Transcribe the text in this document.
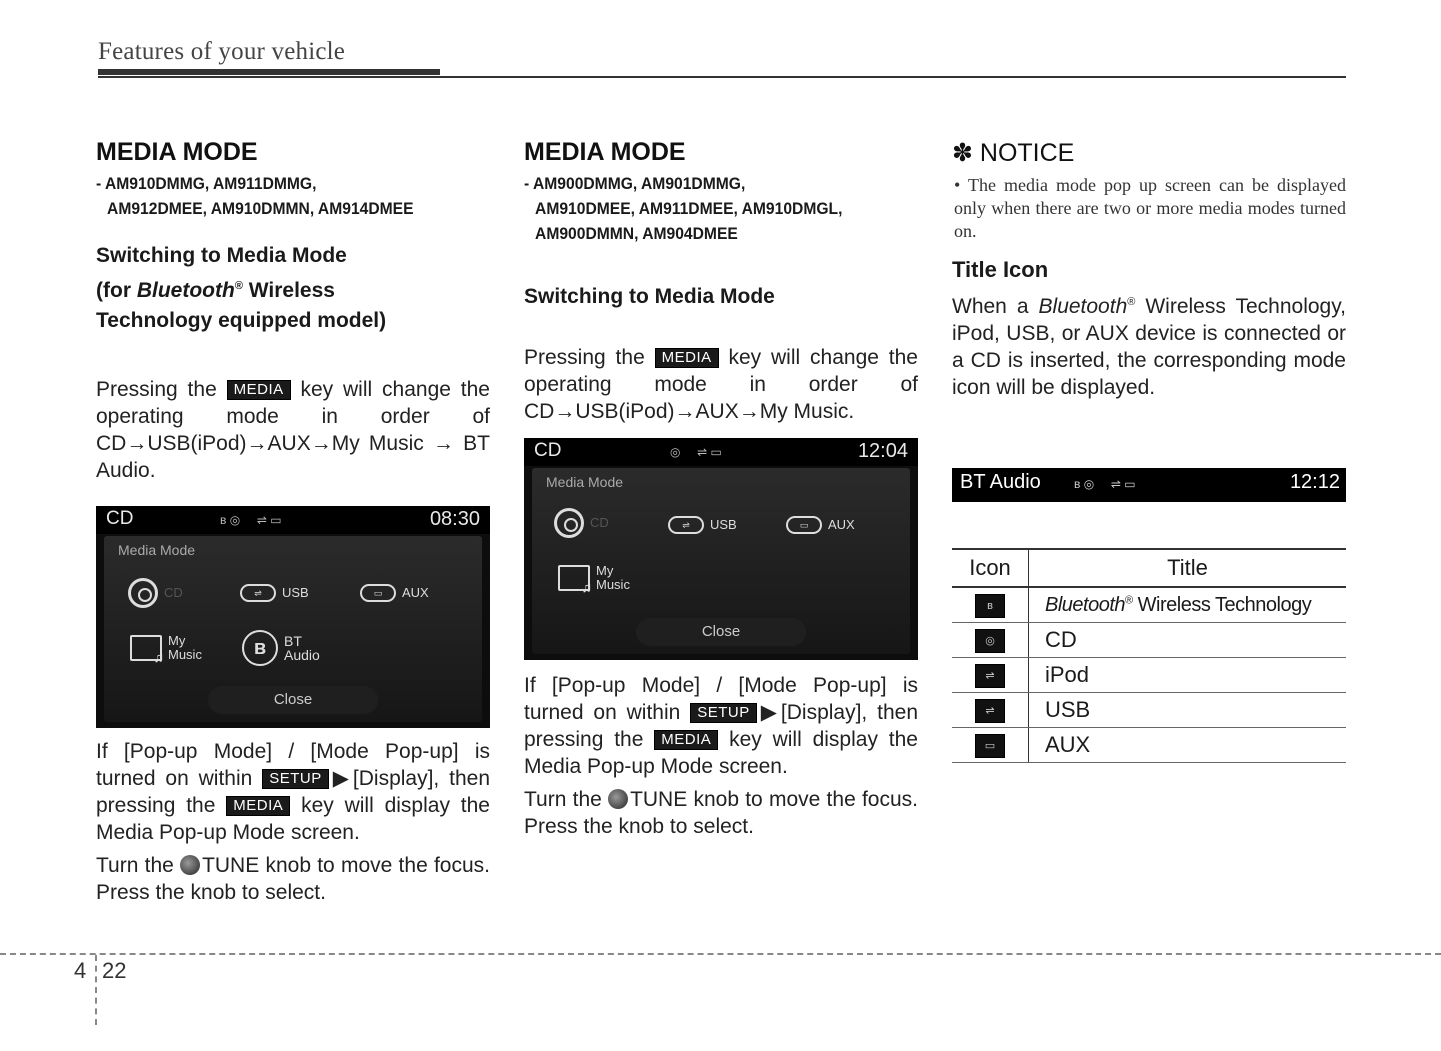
Features of your vehicle
MEDIA MODE
- AM910DMMG, AM911DMMG,
AM912DMEE, AM910DMMN, AM914DMEE
Switching to Media Mode
(for Bluetooth® Wireless
Technology equipped model)

Pressing the MEDIA key will change the operating mode in order of CD→USB(iPod)→AUX→My Music → BT Audio.

CD	ʙ ◎     ⇌ ▭	08:30
Media Mode
CD	⇌	USB	▭	AUX
♫
My Music	ʙ	BT Audio
Close

If [Pop-up Mode] / [Mode Pop-up] is turned on within SETUP ▶[Display], then pressing the MEDIA key will display the Media Pop-up Mode screen.

Turn the TUNE knob to move the focus. Press the knob to select.

MEDIA MODE
- AM900DMMG, AM901DMMG,
AM910DMEE, AM911DMEE, AM910DMGL,
AM900DMMN, AM904DMEE
Switching to Media Mode

Pressing the MEDIA key will change the operating mode in order of CD→USB(iPod)→AUX→My Music.

CD	◎     ⇌ ▭	12:04
Media Mode
CD	⇌	USB	▭	AUX
♫
My Music
Close

If [Pop-up Mode] / [Mode Pop-up] is turned on within SETUP ▶[Display], then pressing the MEDIA key will display the Media Pop-up Mode screen.

Turn the TUNE knob to move the focus. Press the knob to select.

✽ NOTICE

• The media mode pop up screen can be displayed only when there are two or more media modes turned on.

Title Icon

When a Bluetooth® Wireless Technology, iPod, USB, or AUX device is connected or a CD is inserted, the corresponding mode icon will be displayed.

BT Audio	ʙ ◎     ⇌ ▭	12:12
Icon	Title
ʙ	Bluetooth® Wireless Technology
◎	CD
⇌	iPod
⇌	USB
▭	AUX
4 22
